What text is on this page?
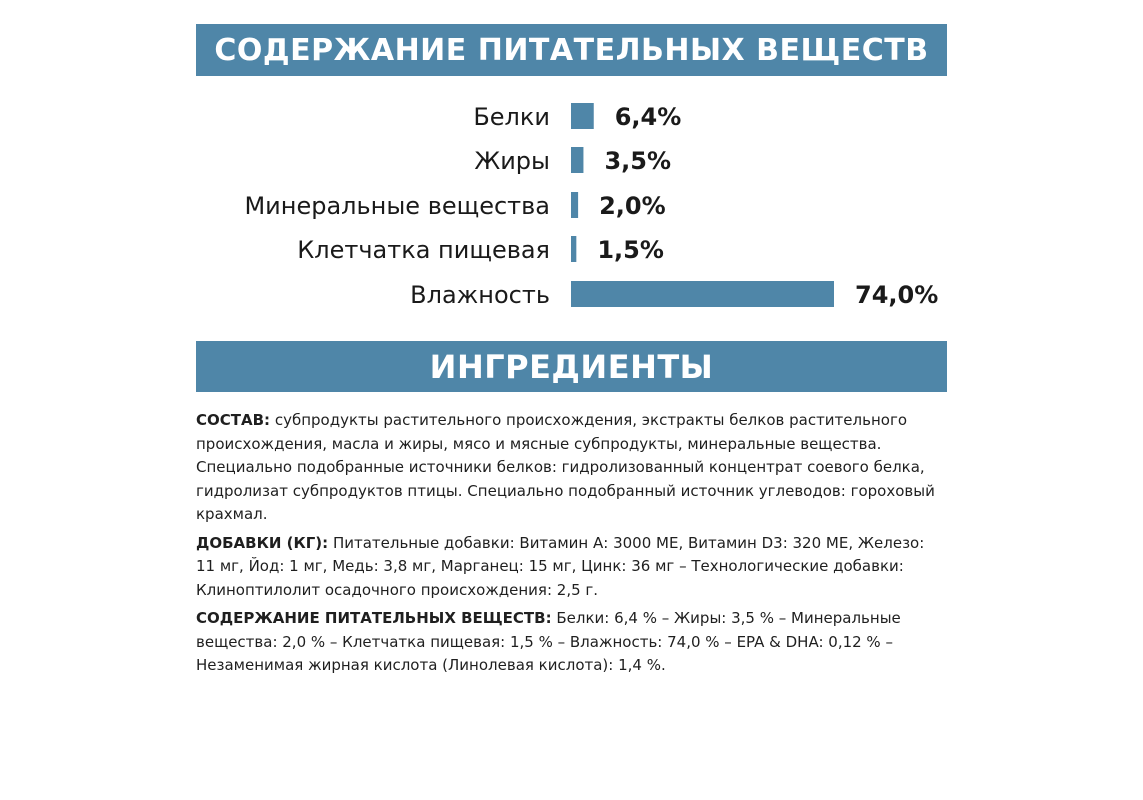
СОДЕРЖАНИЕ ПИТАТЕЛЬНЫХ ВЕЩЕСТВ
Белки	6,4%
Жиры 3,5%
Минеральные вещества 2,0%
Клетчатка пищевая 1,5%
Влажность	74,0%
ИНГРЕДИЕНТЫ

СОСТАВ: субпродукты растительного происхождения, экстракты белков растительного происхождения, масла и жиры, мясо и мясные субпродукты, минеральные вещества. Специально подобранные источники белков: гидролизованный концентрат соевого белка, гидролизат субпродуктов птицы. Специально подобранный источник углеводов: гороховый крахмал.

ДОБАВКИ (КГ): Питательные добавки: Витамин А: 3000 МЕ, Витамин D3: 320 МЕ, Железо: 11 мг, Йод: 1 мг, Медь: 3,8 мг, Марганец: 15 мг, Цинк: 36 мг – Технологические добавки: Клиноптилолит осадочного происхождения: 2,5 г.

СОДЕРЖАНИЕ ПИТАТЕЛЬНЫХ ВЕЩЕСТВ: Белки: 6,4 % – Жиры: 3,5 % – Минеральные вещества: 2,0 % – Клетчатка пищевая: 1,5 % – Влажность: 74,0 % – EPA & DHA: 0,12 % – Незаменимая жирная кислота (Линолевая кислота): 1,4 %.
